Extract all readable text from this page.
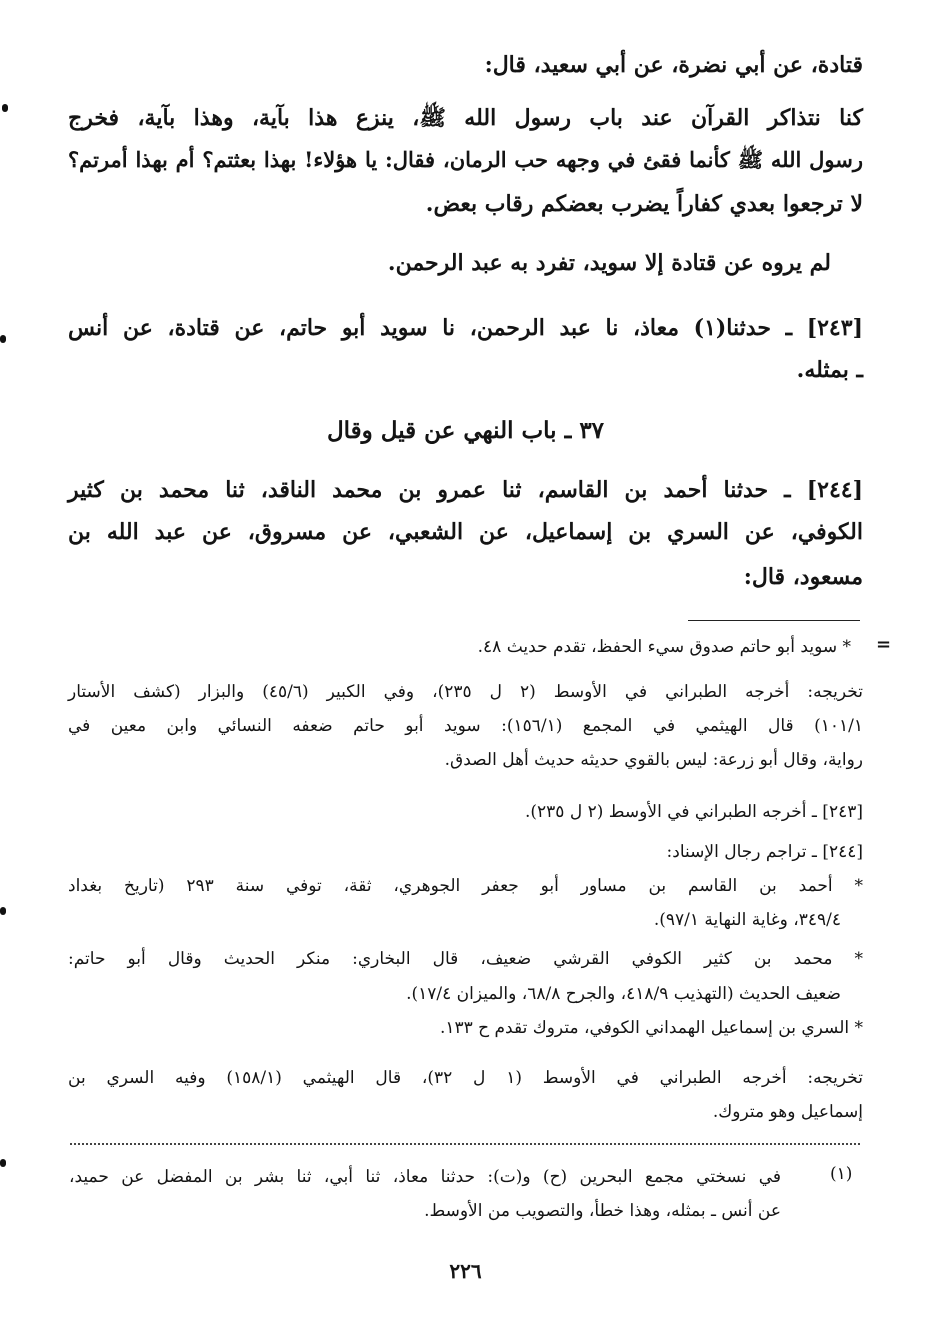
قتادة، عن أبي نضرة، عن أبي سعيد، قال:

كنا نتذاكر القرآن عند باب رسول الله ﷺ، ينزع هذا بآية، وهذا بآية، فخرج

رسول الله ﷺ كأنما فقئ في وجهه حب الرمان، فقال: يا هؤلاء! بهذا بعثتم؟ أم بهذا أمرتم؟

لا ترجعوا بعدي كفاراً يضرب بعضكم رقاب بعض.

لم يروه عن قتادة إلا سويد، تفرد به عبد الرحمن.

[٢٤٣] ـ حدثنا(١) معاذ، نا عبد الرحمن، نا سويد أبو حاتم، عن قتادة، عن أنس

ـ بمثله.

٣٧ ـ باب النهي عن قيل وقال

[٢٤٤] ـ حدثنا أحمد بن القاسم، ثنا عمرو بن محمد الناقد، ثنا محمد بن كثير

الكوفي، عن السري بن إسماعيل، عن الشعبي، عن مسروق، عن عبد الله بن

مسعود، قال:

* سويد أبو حاتم صدوق سيء الحفظ، تقدم حديث ٤٨. =

تخريجه: أخرجه الطبراني في الأوسط (٢ ل ٢٣٥)، وفي الكبير (٤٥/٦) والبزار (كشف الأستار

١٠١/١) قال الهيثمي في المجمع (١٥٦/١): سويد أبو حاتم ضعفه النسائي وابن معين في

رواية، وقال أبو زرعة: ليس بالقوي حديثه حديث أهل الصدق.

[٢٤٣] ـ أخرجه الطبراني في الأوسط (٢ ل ٢٣٥).

[٢٤٤] ـ تراجم رجال الإسناد:

* أحمد بن القاسم بن مساور أبو جعفر الجوهري، ثقة، توفي سنة ٢٩٣ (تاريخ بغداد

٣٤٩/٤، وغاية النهاية ٩٧/١).

* محمد بن كثير الكوفي القرشي ضعيف، قال البخاري: منكر الحديث وقال أبو حاتم:

ضعيف الحديث (التهذيب ٤١٨/٩، والجرح ٦٨/٨، والميزان ١٧/٤).

* السري بن إسماعيل الهمداني الكوفي، متروك تقدم ح ١٣٣.

تخريجه: أخرجه الطبراني في الأوسط (١ ل ٣٢)، قال الهيثمي (١٥٨/١) وفيه السري بن

إسماعيل وهو متروك.

(١)

في نسختي مجمع البحرين (ح) و(ت): حدثنا معاذ، ثنا أبي، ثنا بشر بن المفضل عن حميد،

عن أنس ـ بمثله، وهذا خطأ، والتصويب من الأوسط.

٢٢٦
